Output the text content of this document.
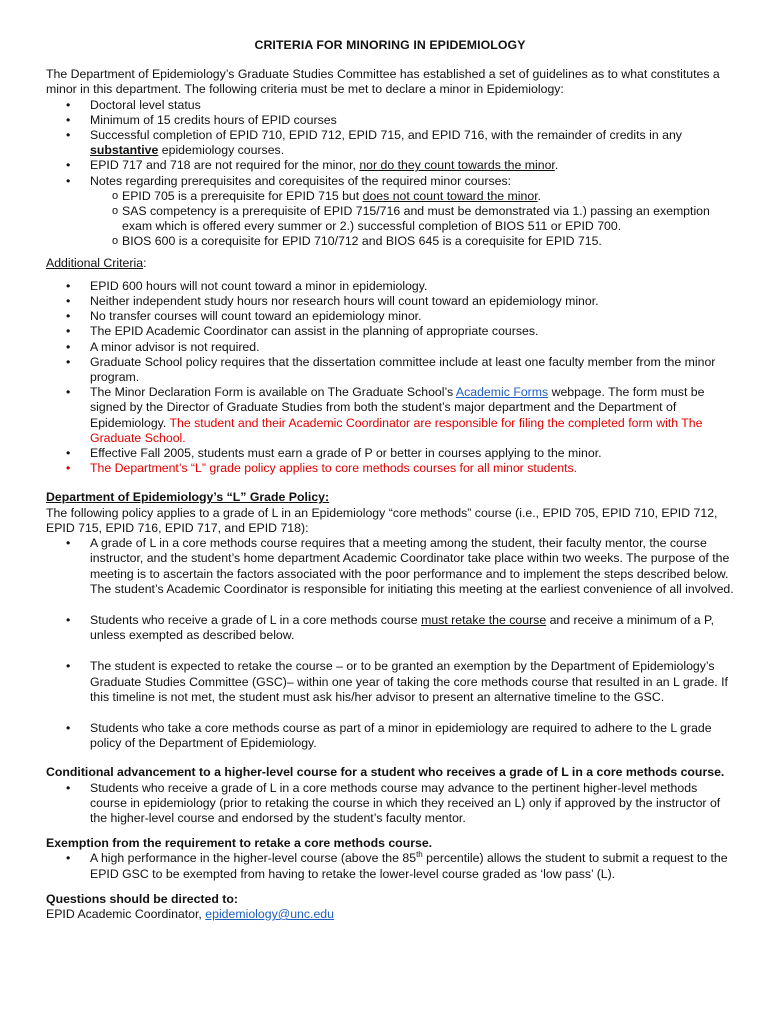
CRITERIA FOR MINORING IN EPIDEMIOLOGY

The Department of Epidemiology’s Graduate Studies Committee has established a set of guidelines as to what constitutes a minor in this department. The following criteria must be met to declare a minor in Epidemiology:

• Doctoral level status
• Minimum of 15 credits hours of EPID courses
• Successful completion of EPID 710, EPID 712, EPID 715, and EPID 716, with the remainder of credits in any substantive epidemiology courses.
• EPID 717 and 718 are not required for the minor, nor do they count towards the minor.
• Notes regarding prerequisites and corequisites of the required minor courses:
o EPID 705 is a prerequisite for EPID 715 but does not count toward the minor.
o SAS competency is a prerequisite of EPID 715/716 and must be demonstrated via 1.) passing an exemption exam which is offered every summer or 2.) successful completion of BIOS 511 or EPID 700.
o BIOS 600 is a corequisite for EPID 710/712 and BIOS 645 is a corequisite for EPID 715.

Additional Criteria:

• EPID 600 hours will not count toward a minor in epidemiology.
• Neither independent study hours nor research hours will count toward an epidemiology minor.
• No transfer courses will count toward an epidemiology minor.
• The EPID Academic Coordinator can assist in the planning of appropriate courses.
• A minor advisor is not required.
• Graduate School policy requires that the dissertation committee include at least one faculty member from the minor program.
• The Minor Declaration Form is available on The Graduate School’s Academic Forms webpage. The form must be signed by the Director of Graduate Studies from both the student’s major department and the Department of Epidemiology. The student and their Academic Coordinator are responsible for filing the completed form with The Graduate School.
• Effective Fall 2005, students must earn a grade of P or better in courses applying to the minor.
• The Department’s “L” grade policy applies to core methods courses for all minor students.

Department of Epidemiology’s “L” Grade Policy:

The following policy applies to a grade of L in an Epidemiology “core methods” course (i.e., EPID 705, EPID 710, EPID 712, EPID 715, EPID 716, EPID 717, and EPID 718):

• A grade of L in a core methods course requires that a meeting among the student, their faculty mentor, the course instructor, and the student’s home department Academic Coordinator take place within two weeks. The purpose of the meeting is to ascertain the factors associated with the poor performance and to implement the steps described below. The student’s Academic Coordinator is responsible for initiating this meeting at the earliest convenience of all involved.
• Students who receive a grade of L in a core methods course must retake the course and receive a minimum of a P, unless exempted as described below.
• The student is expected to retake the course – or to be granted an exemption by the Department of Epidemiology’s Graduate Studies Committee (GSC)– within one year of taking the core methods course that resulted in an L grade. If this timeline is not met, the student must ask his/her advisor to present an alternative timeline to the GSC.
• Students who take a core methods course as part of a minor in epidemiology are required to adhere to the L grade policy of the Department of Epidemiology.

Conditional advancement to a higher-level course for a student who receives a grade of L in a core methods course.

• Students who receive a grade of L in a core methods course may advance to the pertinent higher-level methods course in epidemiology (prior to retaking the course in which they received an L) only if approved by the instructor of the higher-level course and endorsed by the student’s faculty mentor.

Exemption from the requirement to retake a core methods course.

• A high performance in the higher-level course (above the 85th percentile) allows the student to submit a request to the EPID GSC to be exempted from having to retake the lower-level course graded as ‘low pass’ (L).

Questions should be directed to:

EPID Academic Coordinator, epidemiology@unc.edu
